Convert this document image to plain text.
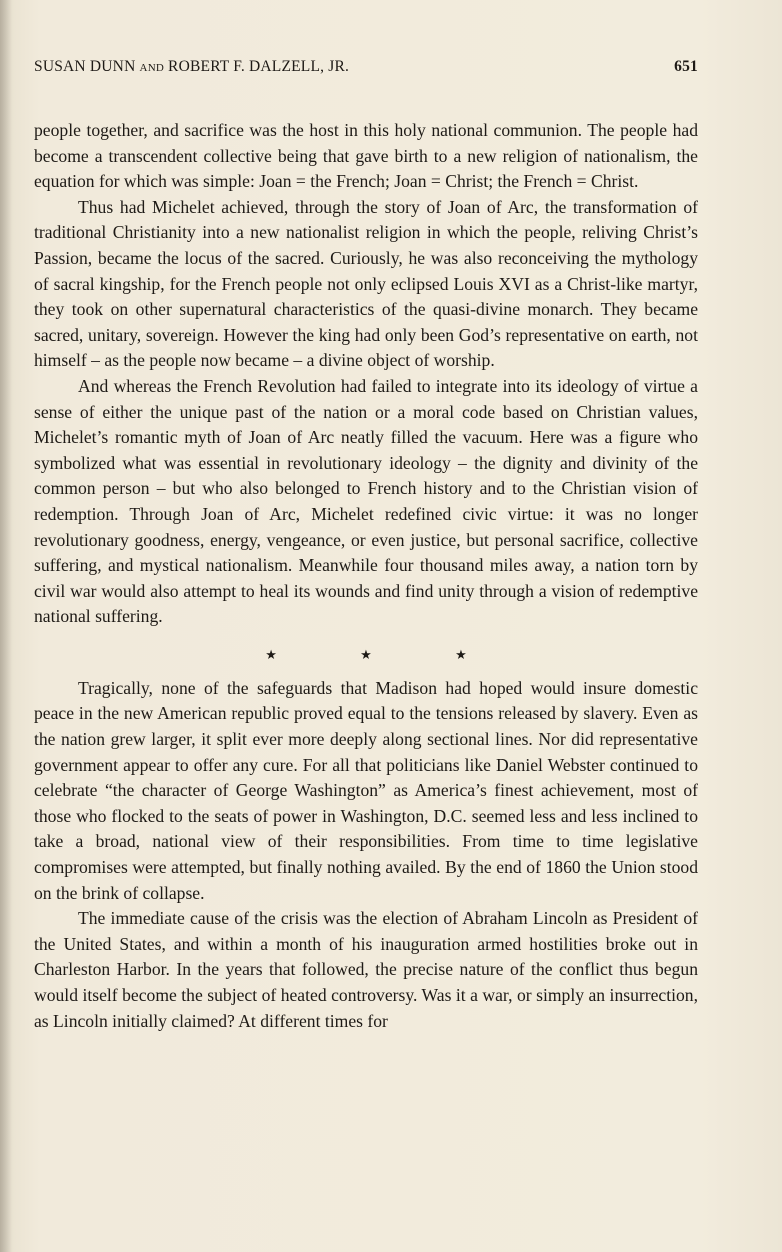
SUSAN DUNN AND ROBERT F. DALZELL, JR.	651

people together, and sacrifice was the host in this holy national communion. The people had become a transcendent collective being that gave birth to a new religion of nationalism, the equation for which was simple: Joan = the French; Joan = Christ; the French = Christ.

Thus had Michelet achieved, through the story of Joan of Arc, the transformation of traditional Christianity into a new nationalist religion in which the people, reliving Christ’s Passion, became the locus of the sacred. Curiously, he was also reconceiving the mythology of sacral kingship, for the French people not only eclipsed Louis XVI as a Christ-like martyr, they took on other supernatural characteristics of the quasi-divine monarch. They became sacred, unitary, sovereign. However the king had only been God’s representative on earth, not himself – as the people now became – a divine object of worship.

And whereas the French Revolution had failed to integrate into its ideology of virtue a sense of either the unique past of the nation or a moral code based on Christian values, Michelet’s romantic myth of Joan of Arc neatly filled the vacuum. Here was a figure who symbolized what was essential in revolutionary ideology – the dignity and divinity of the common person – but who also belonged to French history and to the Christian vision of redemption. Through Joan of Arc, Michelet redefined civic virtue: it was no longer revolutionary goodness, energy, vengeance, or even justice, but personal sacrifice, collective suffering, and mystical nationalism. Meanwhile four thousand miles away, a nation torn by civil war would also attempt to heal its wounds and find unity through a vision of redemptive national suffering.

★ ★ ★

Tragically, none of the safeguards that Madison had hoped would insure domestic peace in the new American republic proved equal to the tensions released by slavery. Even as the nation grew larger, it split ever more deeply along sectional lines. Nor did representative government appear to offer any cure. For all that politicians like Daniel Webster continued to celebrate “the character of George Washington” as America’s finest achievement, most of those who flocked to the seats of power in Washington, D.C. seemed less and less inclined to take a broad, national view of their responsibilities. From time to time legislative compromises were attempted, but finally nothing availed. By the end of 1860 the Union stood on the brink of collapse.

The immediate cause of the crisis was the election of Abraham Lincoln as President of the United States, and within a month of his inauguration armed hostilities broke out in Charleston Harbor. In the years that followed, the precise nature of the conflict thus begun would itself become the subject of heated controversy. Was it a war, or simply an insurrection, as Lincoln initially claimed? At different times for
